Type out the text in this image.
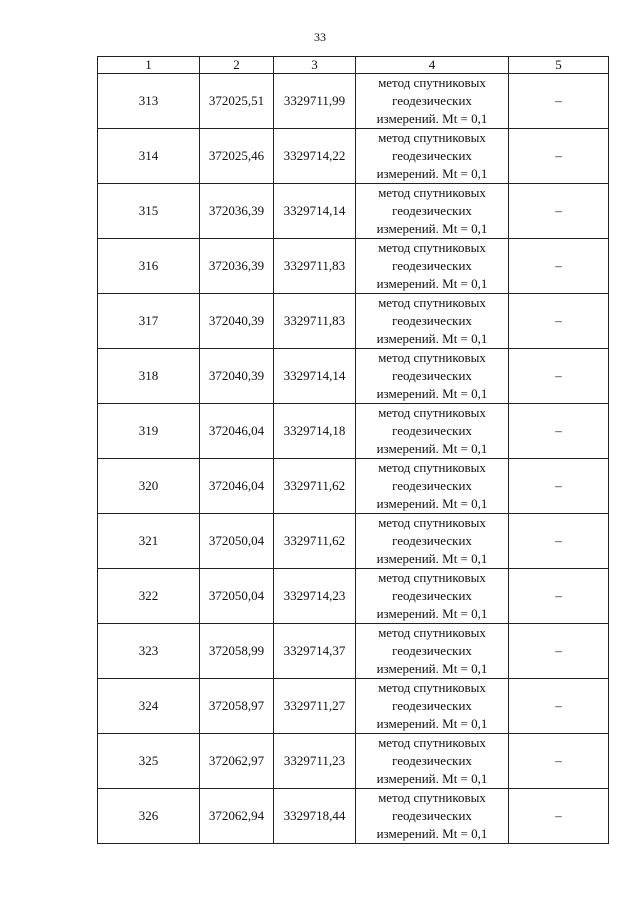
33
1	2	3	4	5
313	372025,51	3329711,99	метод спутниковых
геодезических
измерений. Mt = 0,1	–
314	372025,46	3329714,22	метод спутниковых
геодезических
измерений. Mt = 0,1	–
315	372036,39	3329714,14	метод спутниковых
геодезических
измерений. Mt = 0,1	–
316	372036,39	3329711,83	метод спутниковых
геодезических
измерений. Mt = 0,1	–
317	372040,39	3329711,83	метод спутниковых
геодезических
измерений. Mt = 0,1	–
318	372040,39	3329714,14	метод спутниковых
геодезических
измерений. Mt = 0,1	–
319	372046,04	3329714,18	метод спутниковых
геодезических
измерений. Mt = 0,1	–
320	372046,04	3329711,62	метод спутниковых
геодезических
измерений. Mt = 0,1	–
321	372050,04	3329711,62	метод спутниковых
геодезических
измерений. Mt = 0,1	–
322	372050,04	3329714,23	метод спутниковых
геодезических
измерений. Mt = 0,1	–
323	372058,99	3329714,37	метод спутниковых
геодезических
измерений. Mt = 0,1	–
324	372058,97	3329711,27	метод спутниковых
геодезических
измерений. Mt = 0,1	–
325	372062,97	3329711,23	метод спутниковых
геодезических
измерений. Mt = 0,1	–
326	372062,94	3329718,44	метод спутниковых
геодезических
измерений. Mt = 0,1	–
